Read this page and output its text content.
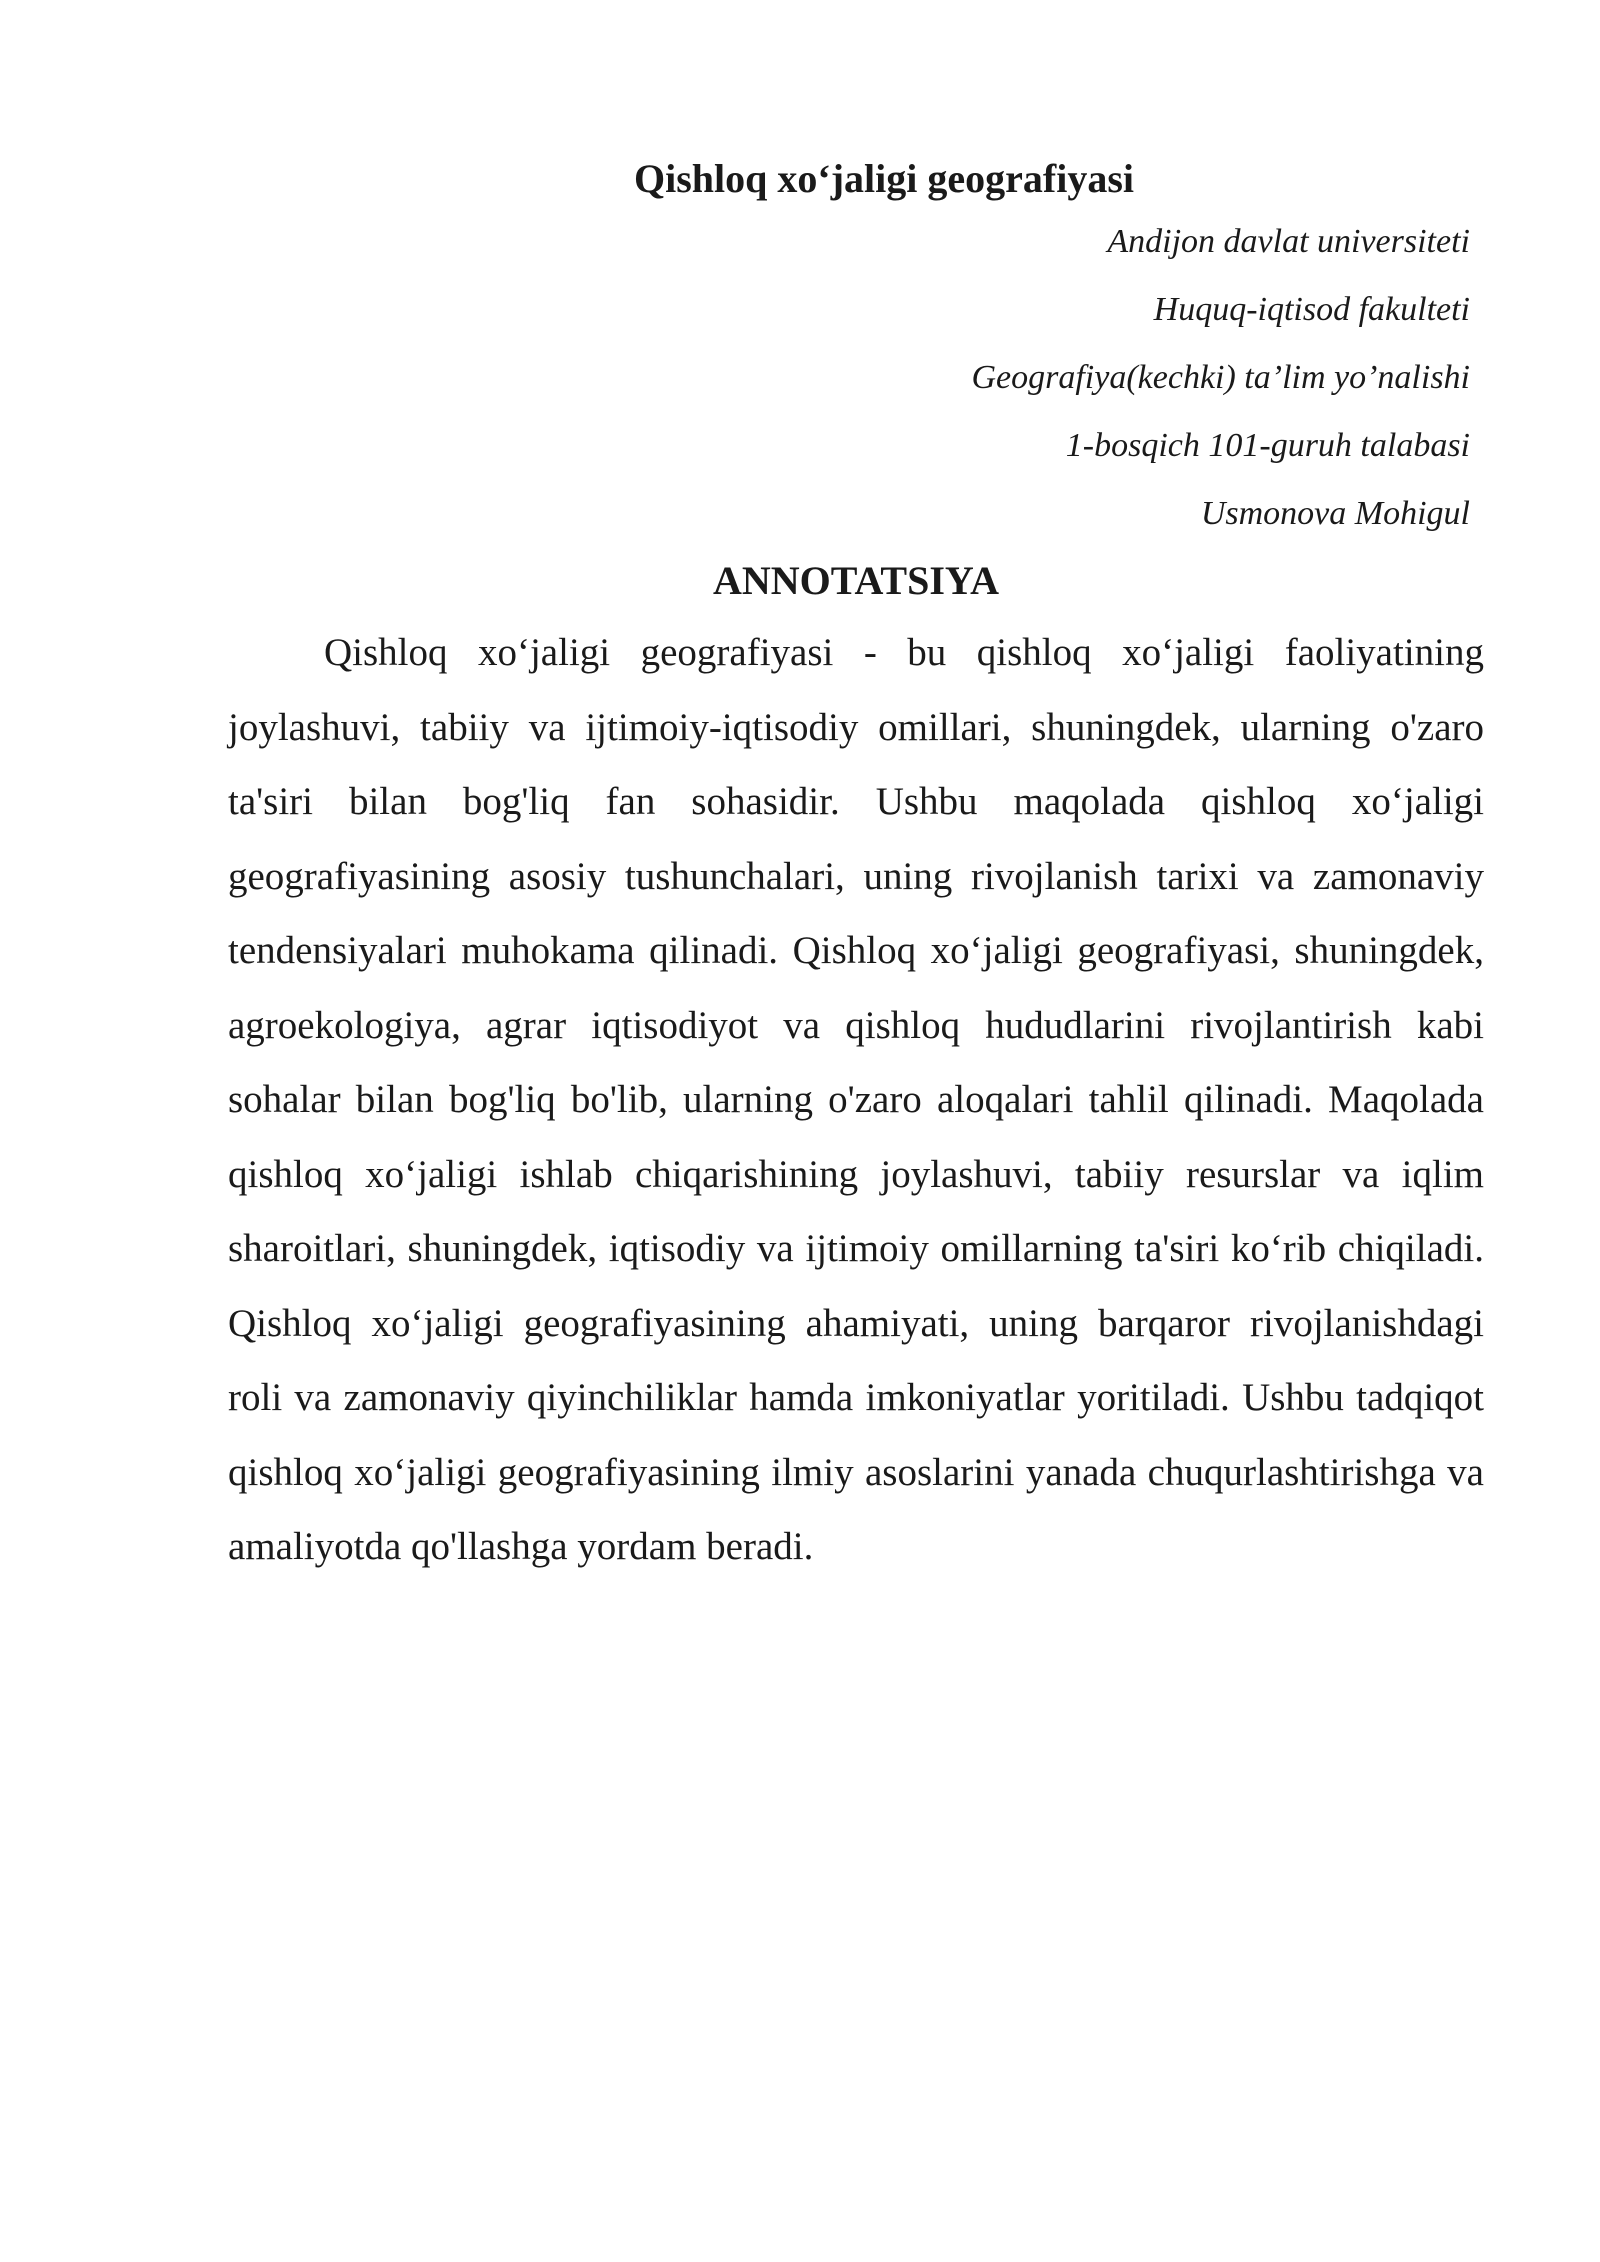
Qishloq xo‘jaligi geografiyasi
Andijon davlat universiteti
Huquq-iqtisod fakulteti
Geografiya(kechki) ta’lim yo’nalishi
1-bosqich 101-guruh talabasi
Usmonova Mohigul
ANNOTATSIYA

Qishloq xo‘jaligi geografiyasi - bu qishloq xo‘jaligi faoliyatining joylashuvi, tabiiy va ijtimoiy-iqtisodiy omillari, shuningdek, ularning o'zaro ta'siri bilan bog'liq fan sohasidir. Ushbu maqolada qishloq xo‘jaligi geografiyasining asosiy tushunchalari, uning rivojlanish tarixi va zamonaviy tendensiyalari muhokama qilinadi. Qishloq xo‘jaligi geografiyasi, shuningdek, agroekologiya, agrar iqtisodiyot va qishloq hududlarini rivojlantirish kabi sohalar bilan bog'liq bo'lib, ularning o'zaro aloqalari tahlil qilinadi. Maqolada qishloq xo‘jaligi ishlab chiqarishining joylashuvi, tabiiy resurslar va iqlim sharoitlari, shuningdek, iqtisodiy va ijtimoiy omillarning ta'siri ko‘rib chiqiladi. Qishloq xo‘jaligi geografiyasining ahamiyati, uning barqaror rivojlanishdagi roli va zamonaviy qiyinchiliklar hamda imkoniyatlar yoritiladi. Ushbu tadqiqot qishloq xo‘jaligi geografiyasining ilmiy asoslarini yanada chuqurlashtirishga va amaliyotda qo'llashga yordam beradi.
